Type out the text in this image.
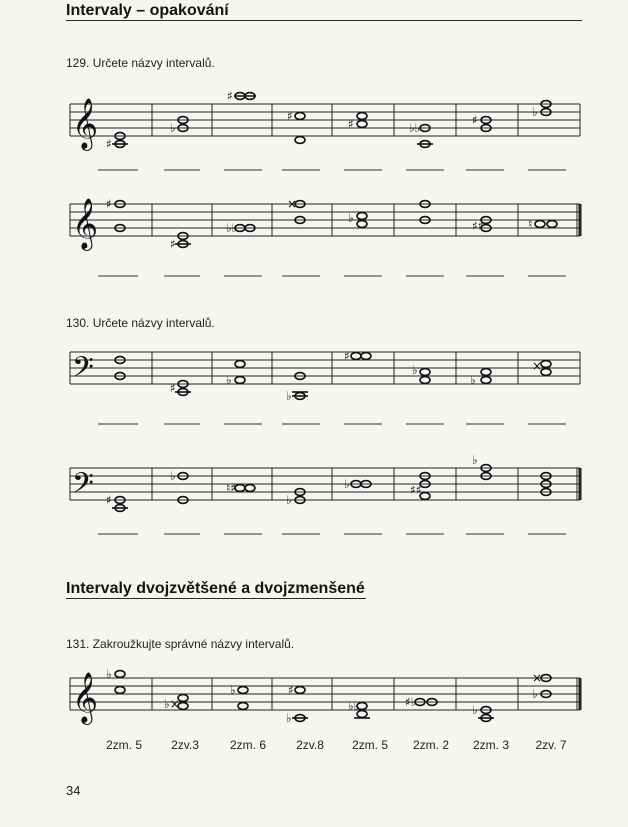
Intervaly – opakování
129. Určete názvy intervalů.
𝄞 ♯
♭
♯
♯
♯	♭♭
♯
♭
𝄞 ♯
♯
♭♭
×
♭
♯♯	♮
130. Určete názvy intervalů.
𝄢	♯
♭
♭
♯
♭
♭
×
𝄢 ♯
♭
♮♯
♭
♭	♯♯
♭
Intervaly dvojzvětšené a dvojzmenšené
131. Zakroužkujte správné názvy intervalů.
𝄞 ♭
♭×
♭	♯
♭
♭♭	♯♭
♭
×
♭
2zm. 5 2zv.3	2zm. 6	2zv.8 2zm. 5 2zm. 2 2zm. 3 2zv. 7
34
